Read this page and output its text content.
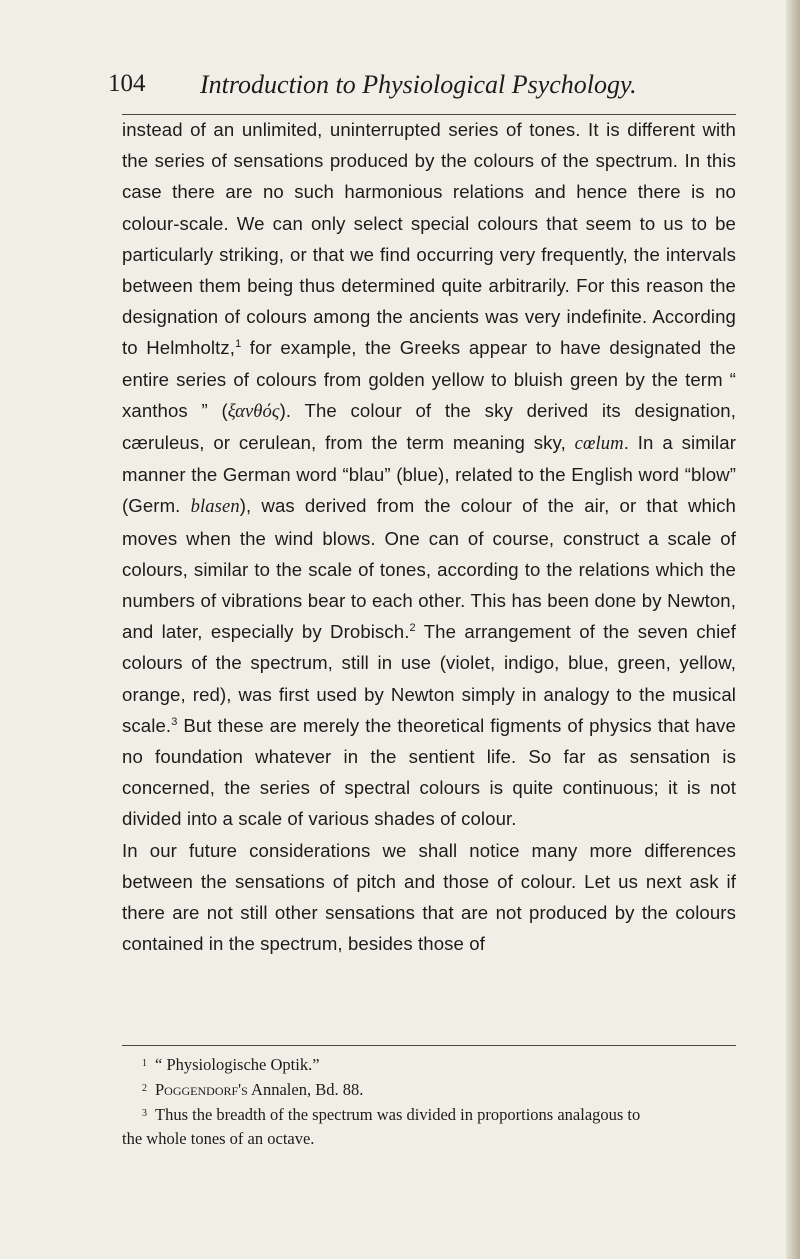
104 Introduction to Physiological Psychology.

instead of an unlimited, uninterrupted series of tones. It is different with the series of sensations produced by the colours of the spectrum. In this case there are no such harmonious relations and hence there is no colour-scale. We can only select special colours that seem to us to be particularly striking, or that we find occurring very frequently, the intervals between them being thus determined quite arbitrarily. For this reason the designation of colours among the ancients was very indefinite. According to Helmholtz,$^1$ for example, the Greeks appear to have designated the entire series of colours from golden yellow to bluish green by the term “ xanthos ” (ξανθός). The colour of the sky derived its designation, cæruleus, or cerulean, from the term meaning sky, cœlum. In a similar manner the German word “blau” (blue), related to the English word “blow” (Germ. blasen), was derived from the colour of the air, or that which moves when the wind blows. One can of course, construct a scale of colours, similar to the scale of tones, according to the relations which the numbers of vibrations bear to each other. This has been done by Newton, and later, especially by Drobisch.$^2$ The arrangement of the seven chief colours of the spectrum, still in use (violet, indigo, blue, green, yellow, orange, red), was first used by Newton simply in analogy to the musical scale.$^3$ But these are merely the theoretical figments of physics that have no foundation whatever in the sentient life. So far as sensation is concerned, the series of spectral colours is quite continuous; it is not divided into a scale of various shades of colour.

In our future considerations we shall notice many more differences between the sensations of pitch and those of colour. Let us next ask if there are not still other sensations that are not produced by the colours contained in the spectrum, besides those of

$^1$ “ Physiologische Optik.”

$^2$ Poggendorf's Annalen, Bd. 88.

$^3$ Thus the breadth of the spectrum was divided in proportions analagous to

the whole tones of an octave.
